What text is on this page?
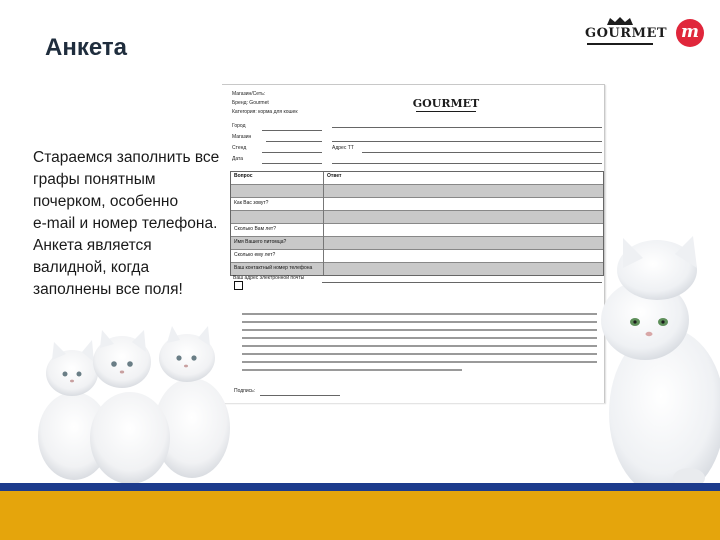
Анкета
Стараемся заполнить все
графы понятным
почерком, особенно
e-mail и номер телефона.
Анкета является
валидной, когда
заполнены все поля!
GOURMET m
Магазин/Сеть:
Бренд: Gourmet
Категория: корма для кошек
GOURMET
Город
Магазин
Стенд
Дата
Адрес ТТ
Вопрос	Ответ
Как Вас зовут?
Сколько Вам лет?
Имя Вашего питомца?
Сколько ему лет?
Ваш контактный номер телефона
Ваш адрес электронной почты
Подпись:
